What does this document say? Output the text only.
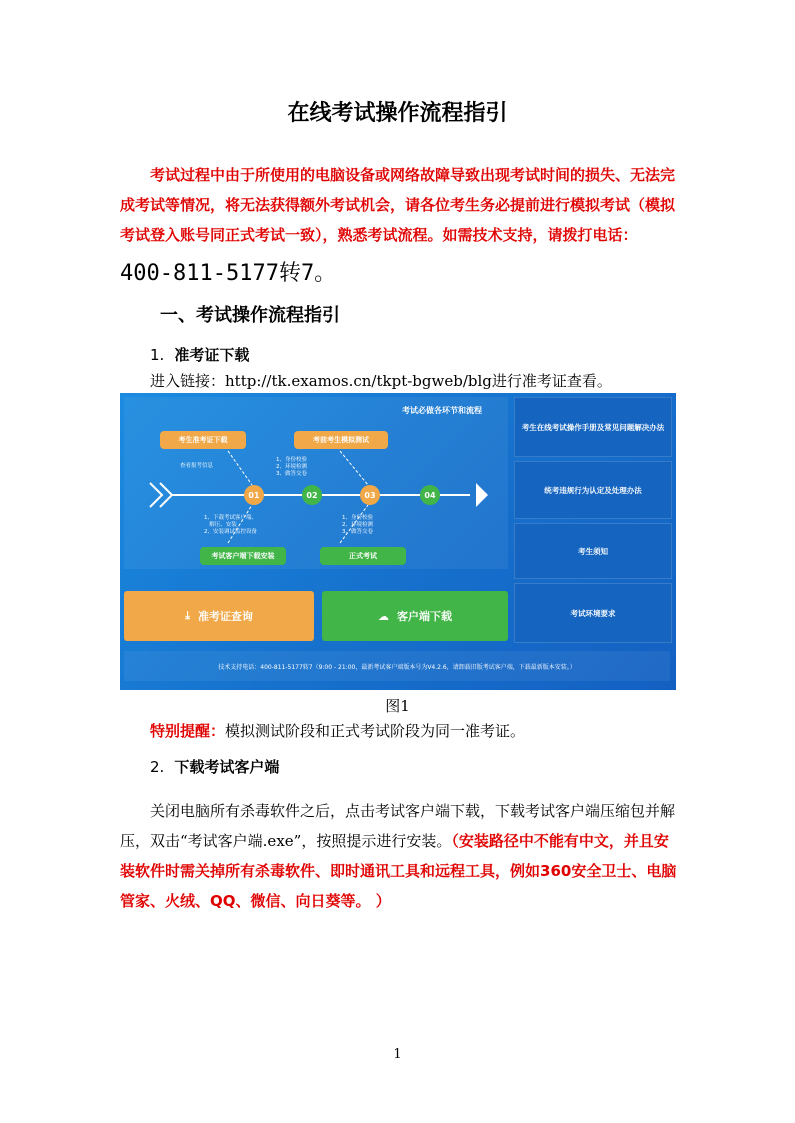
在线考试操作流程指引

考试过程中由于所使用的电脑设备或网络故障导致出现考试时间的损失、无法完成考试等情况，将无法获得额外考试机会，请各位考生务必提前进行模拟考试（模拟考试登入账号同正式考试一致），熟悉考试流程。如需技术支持，请拨打电话：

400-811-5177转7。
一、考试操作流程指引
1. 准考证下载
进入链接：http://tk.examos.cn/tkpt-bgweb/blg进行准考证查看。
考试必做各环节和流程
考生准考证下载	考前考生模拟测试
考试客户端下载安装	正式考试
01	02	03	04
查看报考信息
1、身份校验
2、环境检测
3、做答交卷
1、下载考试客户端、
解压、安装
2、安装调试监控设备
1、身份校验
2、环境检测
3、做答交卷
考生在线考试操作手册及常见问题解决办法
统考违规行为认定及处理办法
考生须知
考试环境要求
⤓ 准考证查询	☁ 客户端下载
技术支持电话：400-811-5177转7（9:00 - 21:00，最新考试客户端版本号为V4.2.6，请卸载旧版考试客户端，下载最新版本安装。）
图1
特别提醒：模拟测试阶段和正式考试阶段为同一准考证。
2. 下载考试客户端

关闭电脑所有杀毒软件之后，点击考试客户端下载，下载考试客户端压缩包并解压，双击“考试客户端.exe”，按照提示进行安装。（安装路径中不能有中文，并且安装软件时需关掉所有杀毒软件、即时通讯工具和远程工具，例如360安全卫士、电脑管家、火绒、QQ、微信、向日葵等。 ）

1
